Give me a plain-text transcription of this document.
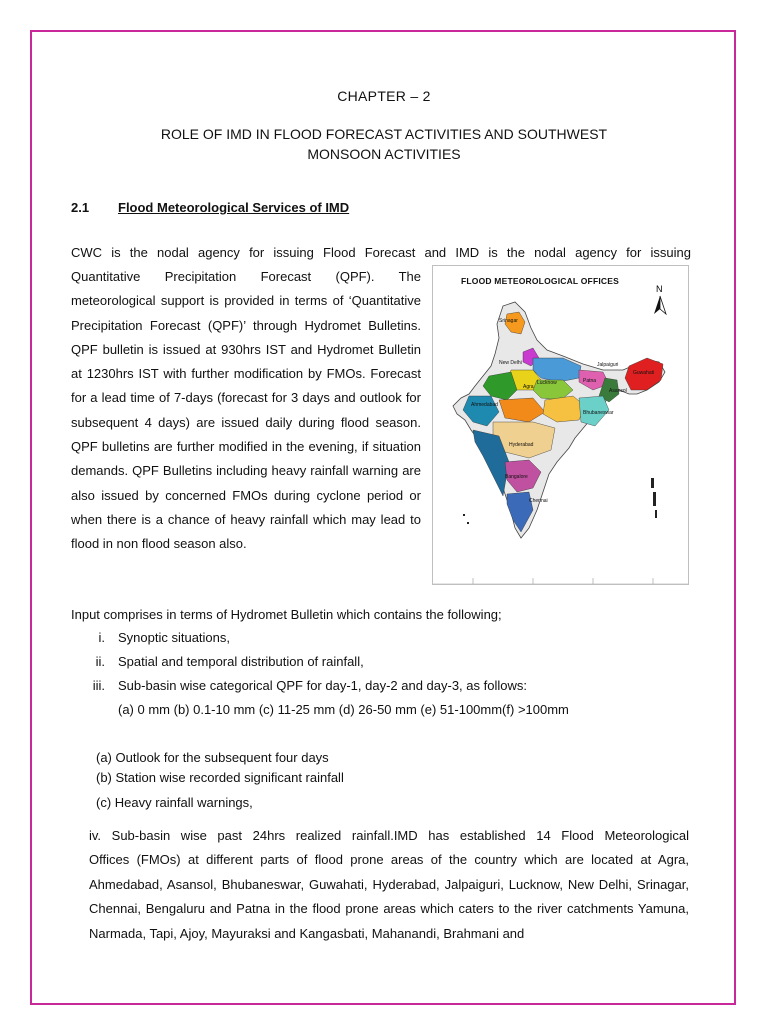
CHAPTER – 2
ROLE OF IMD IN FLOOD FORECAST ACTIVITIES AND SOUTHWEST
MONSOON ACTIVITIES
2.1 Flood Meteorological Services of IMD
CWC is the nodal agency for issuing Flood Forecast and IMD is the nodal agency for issuing
Quantitative Precipitation Forecast (QPF). The meteorological support is provided in terms of ‘Quantitative Precipitation Forecast (QPF)’ through Hydromet Bulletins. QPF bulletin is issued at 930hrs IST and Hydromet Bulletin at 1230hrs IST with further modification by FMOs. Forecast for a lead time of 7-days (forecast for 3 days and outlook for subsequent 4 days) are issued daily during flood season. QPF bulletins are further modified in the evening, if situation demands. QPF Bulletins including heavy rainfall warning are also issued by concerned FMOs during cyclone period or when there is a chance of heavy rainfall which may lead to flood in non flood season also.
FLOOD METEOROLOGICAL OFFICES
N
Srinagar
New Delhi
Lucknow
Jalpaiguri
Guwahati
Agra
Patna
Asansol
Ahmedabad
Bhubaneswar
Hyderabad
Bangalore
Chennai
Input comprises in terms of Hydromet Bulletin which contains the following;
i. Synoptic situations,
ii. Spatial and temporal distribution of rainfall,
iii. Sub-basin wise categorical QPF for day-1, day-2 and day-3, as follows:
(a) 0 mm (b) 0.1-10 mm (c) 11-25 mm (d) 26-50 mm (e) 51-100mm(f) >100mm
(a) Outlook for the subsequent four days
(b) Station wise recorded significant rainfall
(c) Heavy rainfall warnings,
iv. Sub-basin wise past 24hrs realized rainfall.IMD has established 14 Flood Meteorological
Offices (FMOs) at different parts of flood prone areas of the country which are located at Agra, Ahmedabad, Asansol, Bhubaneswar, Guwahati, Hyderabad, Jalpaiguri, Lucknow, New Delhi, Srinagar, Chennai, Bengaluru and Patna in the flood prone areas which caters to the river catchments Yamuna, Narmada, Tapi, Ajoy, Mayuraksi and Kangasbati, Mahanandi, Brahmani and
